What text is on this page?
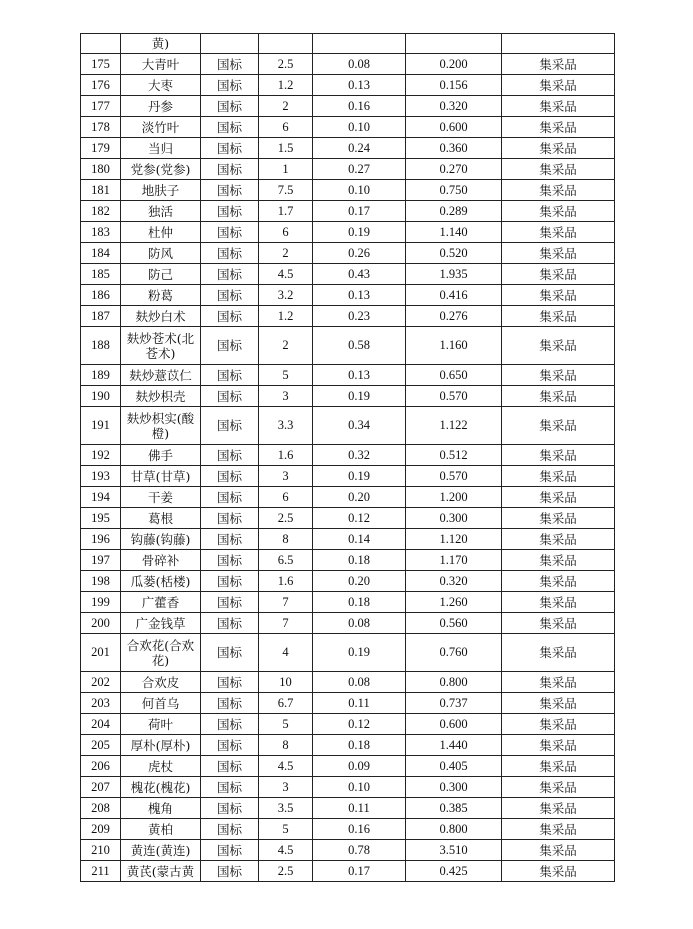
	黄)					
175	大青叶	国标	2.5	0.08	0.200	集采品
176	大枣	国标	1.2	0.13	0.156	集采品
177	丹参	国标	2	0.16	0.320	集采品
178	淡竹叶	国标	6	0.10	0.600	集采品
179	当归	国标	1.5	0.24	0.360	集采品
180	党参(党参)	国标	1	0.27	0.270	集采品
181	地肤子	国标	7.5	0.10	0.750	集采品
182	独活	国标	1.7	0.17	0.289	集采品
183	杜仲	国标	6	0.19	1.140	集采品
184	防风	国标	2	0.26	0.520	集采品
185	防己	国标	4.5	0.43	1.935	集采品
186	粉葛	国标	3.2	0.13	0.416	集采品
187	麸炒白术	国标	1.2	0.23	0.276	集采品
188	麸炒苍术(北苍术)	国标	2	0.58	1.160	集采品
189	麸炒薏苡仁	国标	5	0.13	0.650	集采品
190	麸炒枳壳	国标	3	0.19	0.570	集采品
191	麸炒枳实(酸橙)	国标	3.3	0.34	1.122	集采品
192	佛手	国标	1.6	0.32	0.512	集采品
193	甘草(甘草)	国标	3	0.19	0.570	集采品
194	干姜	国标	6	0.20	1.200	集采品
195	葛根	国标	2.5	0.12	0.300	集采品
196	钩藤(钩藤)	国标	8	0.14	1.120	集采品
197	骨碎补	国标	6.5	0.18	1.170	集采品
198	瓜蒌(栝楼)	国标	1.6	0.20	0.320	集采品
199	广藿香	国标	7	0.18	1.260	集采品
200	广金钱草	国标	7	0.08	0.560	集采品
201	合欢花(合欢花)	国标	4	0.19	0.760	集采品
202	合欢皮	国标	10	0.08	0.800	集采品
203	何首乌	国标	6.7	0.11	0.737	集采品
204	荷叶	国标	5	0.12	0.600	集采品
205	厚朴(厚朴)	国标	8	0.18	1.440	集采品
206	虎杖	国标	4.5	0.09	0.405	集采品
207	槐花(槐花)	国标	3	0.10	0.300	集采品
208	槐角	国标	3.5	0.11	0.385	集采品
209	黄柏	国标	5	0.16	0.800	集采品
210	黄连(黄连)	国标	4.5	0.78	3.510	集采品
211	黄芪(蒙古黄	国标	2.5	0.17	0.425	集采品
